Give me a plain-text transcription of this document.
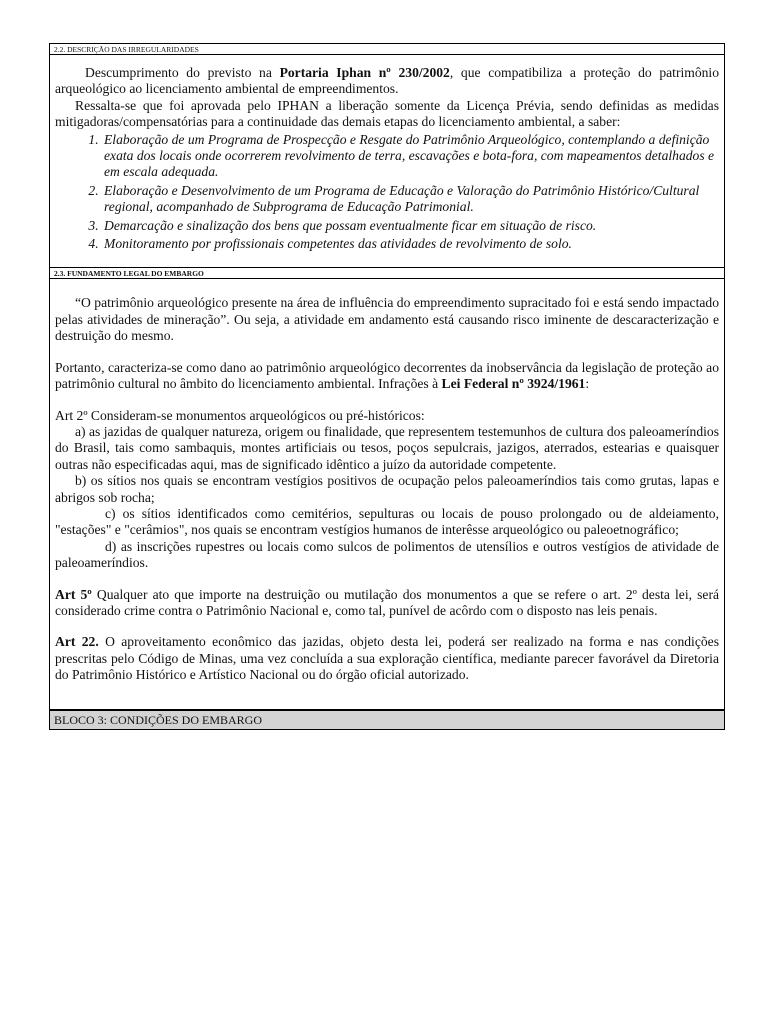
2.2. DESCRIÇÃO DAS IRREGULARIDADES

Descumprimento do previsto na Portaria Iphan nº 230/2002, que compatibiliza a proteção do patrimônio arqueológico ao licenciamento ambiental de empreendimentos.

Ressalta-se que foi aprovada pelo IPHAN a liberação somente da Licença Prévia, sendo definidas as medidas mitigadoras/compensatórias para a continuidade das demais etapas do licenciamento ambiental, a saber:

1. Elaboração de um Programa de Prospecção e Resgate do Patrimônio Arqueológico, contemplando a definição exata dos locais onde ocorrerem revolvimento de terra, escavações e bota-fora, com mapeamentos detalhados e em escala adequada.
2. Elaboração e Desenvolvimento de um Programa de Educação e Valoração do Patrimônio Histórico/Cultural regional, acompanhado de Subprograma de Educação Patrimonial.
3. Demarcação e sinalização dos bens que possam eventualmente ficar em situação de risco.
4. Monitoramento por profissionais competentes das atividades de revolvimento de solo.
2.3. FUNDAMENTO LEGAL DO EMBARGO

“O patrimônio arqueológico presente na área de influência do empreendimento supracitado foi e está sendo impactado pelas atividades de mineração”. Ou seja, a atividade em andamento está causando risco iminente de descaracterização e destruição do mesmo.

Portanto, caracteriza-se como dano ao patrimônio arqueológico decorrentes da inobservância da legislação de proteção ao patrimônio cultural no âmbito do licenciamento ambiental. Infrações à Lei Federal nº 3924/1961:

Art 2º Consideram-se monumentos arqueológicos ou pré-históricos:

a) as jazidas de qualquer natureza, origem ou finalidade, que representem testemunhos de cultura dos paleoameríndios do Brasil, tais como sambaquis, montes artificiais ou tesos, poços sepulcrais, jazigos, aterrados, estearias e quaisquer outras não especificadas aqui, mas de significado idêntico a juízo da autoridade competente.

b) os sítios nos quais se encontram vestígios positivos de ocupação pelos paleoameríndios tais como grutas, lapas e abrigos sob rocha;

c) os sítios identificados como cemitérios, sepulturas ou locais de pouso prolongado ou de aldeiamento, "estações" e "cerâmios", nos quais se encontram vestígios humanos de interêsse arqueológico ou paleoetnográfico;

d) as inscrições rupestres ou locais como sulcos de polimentos de utensílios e outros vestígios de atividade de paleoameríndios.

Art 5º Qualquer ato que importe na destruição ou mutilação dos monumentos a que se refere o art. 2º desta lei, será considerado crime contra o Patrimônio Nacional e, como tal, punível de acôrdo com o disposto nas leis penais.

Art 22. O aproveitamento econômico das jazidas, objeto desta lei, poderá ser realizado na forma e nas condições prescritas pelo Código de Minas, uma vez concluída a sua exploração científica, mediante parecer favorável da Diretoria do Patrimônio Histórico e Artístico Nacional ou do órgão oficial autorizado.

BLOCO 3: CONDIÇÕES DO EMBARGO
